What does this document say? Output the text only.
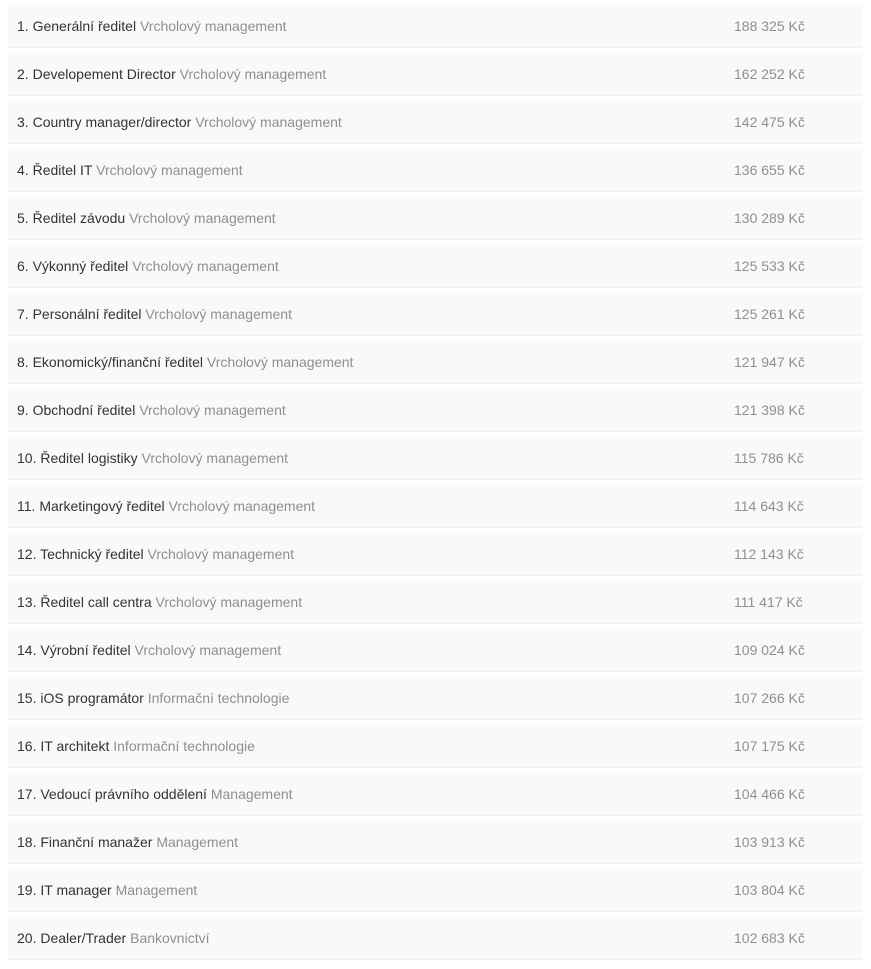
1. Generální ředitel Vrcholový management	188 325 Kč
2. Developement Director Vrcholový management	162 252 Kč
3. Country manager/director Vrcholový management	142 475 Kč
4. Ředitel IT Vrcholový management	136 655 Kč
5. Ředitel závodu Vrcholový management	130 289 Kč
6. Výkonný ředitel Vrcholový management	125 533 Kč
7. Personální ředitel Vrcholový management	125 261 Kč
8. Ekonomický/finanční ředitel Vrcholový management	121 947 Kč
9. Obchodní ředitel Vrcholový management	121 398 Kč
10. Ředitel logistiky Vrcholový management	115 786 Kč
11. Marketingový ředitel Vrcholový management	114 643 Kč
12. Technický ředitel Vrcholový management	112 143 Kč
13. Ředitel call centra Vrcholový management	111 417 Kč
14. Výrobní ředitel Vrcholový management	109 024 Kč
15. iOS programátor Informační technologie	107 266 Kč
16. IT architekt Informační technologie	107 175 Kč
17. Vedoucí právního oddělení Management	104 466 Kč
18. Finanční manažer Management	103 913 Kč
19. IT manager Management	103 804 Kč
20. Dealer/Trader Bankovnictví	102 683 Kč
